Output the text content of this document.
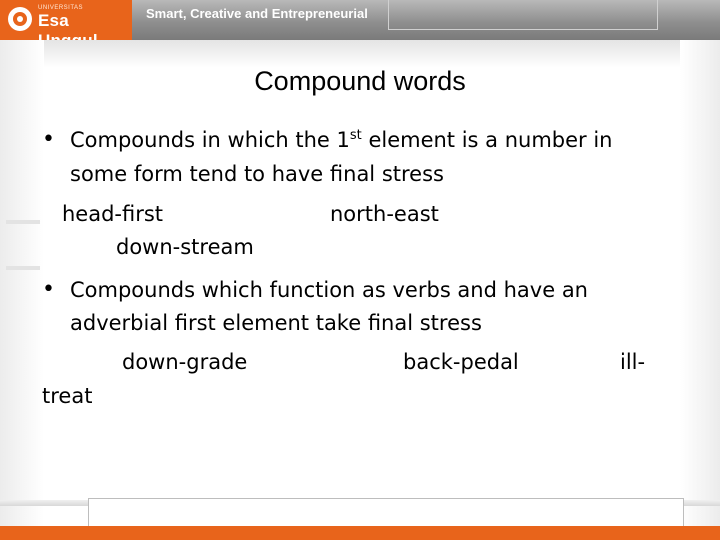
UNIVERSITAS
Esa	Smart, Creative and Entrepreneurial
Compound words
• Compounds in which the 1st element is a number in
some form tend to have final stress
head-first	north-east
down-stream
• Compounds which function as verbs and have an
adverbial first element take final stress
down-grade	back-pedal	ill-
treat
